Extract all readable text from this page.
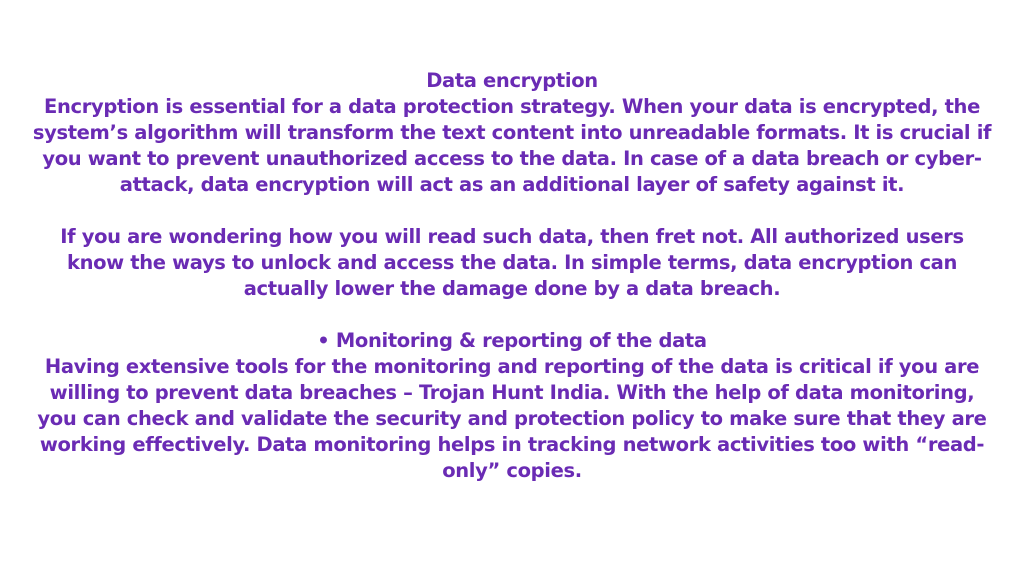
Data encryption

Encryption is essential for a data protection strategy. When your data is encrypted, the system’s algorithm will transform the text content into unreadable formats. It is crucial if you want to prevent unauthorized access to the data. In case of a data breach or cyber-attack, data encryption will act as an additional layer of safety against it.

If you are wondering how you will read such data, then fret not. All authorized users know the ways to unlock and access the data. In simple terms, data encryption can actually lower the damage done by a data breach.

• Monitoring & reporting of the data

Having extensive tools for the monitoring and reporting of the data is critical if you are willing to prevent data breaches – Trojan Hunt India. With the help of data monitoring, you can check and validate the security and protection policy to make sure that they are working effectively. Data monitoring helps in tracking network activities too with “read-only” copies.
